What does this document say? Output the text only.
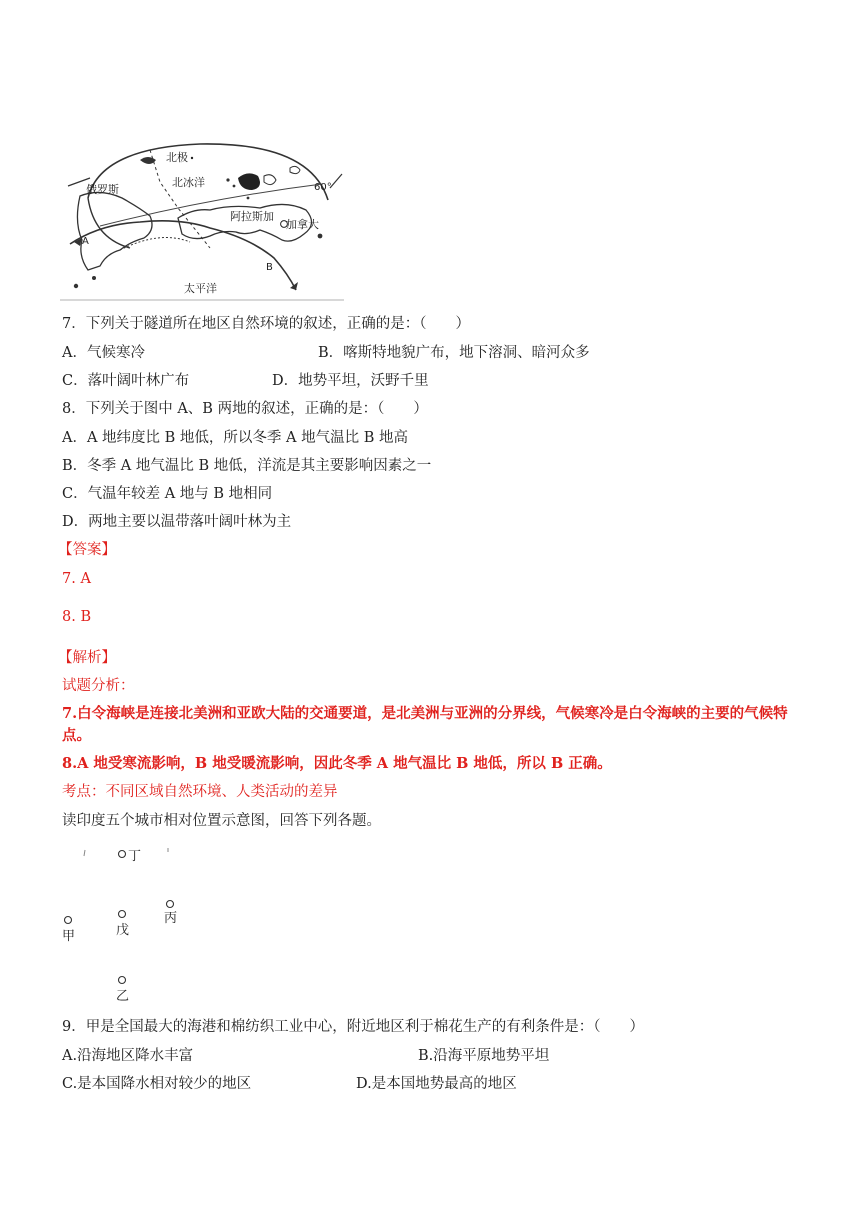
北极
北冰洋
俄罗斯
阿拉斯加
加拿大
60°
太平洋
A
B
7．下列关于隧道所在地区自然环境的叙述，正确的是：（　　）
A．气候寒冷	B．喀斯特地貌广布，地下溶洞、暗河众多
C．落叶阔叶林广布	D．地势平坦，沃野千里
8．下列关于图中 A、B 两地的叙述，正确的是：（　　）
A．A 地纬度比 B 地低，所以冬季 A 地气温比 B 地高
B．冬季 A 地气温比 B 地低，洋流是其主要影响因素之一
C．气温年较差 A 地与 B 地相同
D．两地主要以温带落叶阔叶林为主
【答案】
7. A
8. B
【解析】
试题分析：
7.白令海峡是连接北美洲和亚欧大陆的交通要道，是北美洲与亚洲的分界线，气候寒冷是白令海峡的主要的气候特点。
8.A 地受寒流影响，B 地受暖流影响，因此冬季 A 地气温比 B 地低，所以 B 正确。
考点：不同区域自然环境、人类活动的差异
读印度五个城市相对位置示意图，回答下列各题。
丁
丙
甲	戊
乙
9．甲是全国最大的海港和棉纺织工业中心，附近地区利于棉花生产的有利条件是：（　　）
A.沿海地区降水丰富	B.沿海平原地势平坦
C.是本国降水相对较少的地区	D.是本国地势最高的地区
